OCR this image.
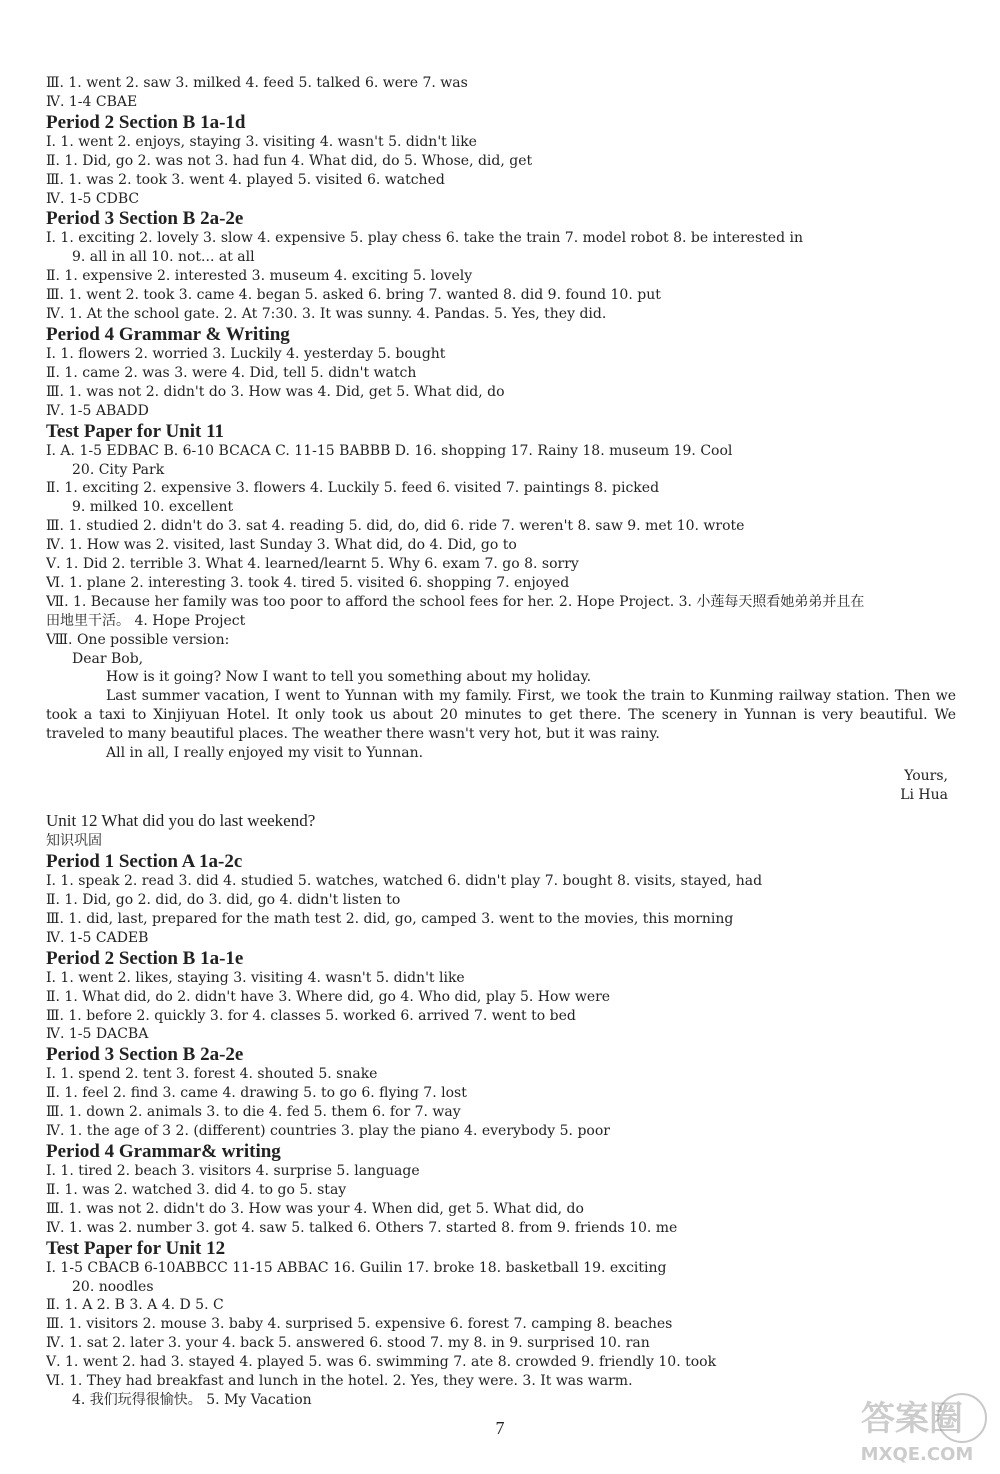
Ⅲ. 1. went 2. saw 3. milked 4. feed 5. talked 6. were 7. was
Ⅳ. 1-4 CBAE
Period 2 Section B 1a-1d
Ⅰ. 1. went 2. enjoys, staying 3. visiting 4. wasn't 5. didn't like
Ⅱ. 1. Did, go 2. was not 3. had fun 4. What did, do 5. Whose, did, get
Ⅲ. 1. was 2. took 3. went 4. played 5. visited 6. watched
Ⅳ. 1-5 CDBC
Period 3 Section B 2a-2e
Ⅰ. 1. exciting 2. lovely 3. slow 4. expensive 5. play chess 6. take the train 7. model robot 8. be interested in
9. all in all 10. not... at all
Ⅱ. 1. expensive 2. interested 3. museum 4. exciting 5. lovely
Ⅲ. 1. went 2. took 3. came 4. began 5. asked 6. bring 7. wanted 8. did 9. found 10. put
Ⅳ. 1. At the school gate. 2. At 7:30. 3. It was sunny. 4. Pandas. 5. Yes, they did.
Period 4 Grammar & Writing
Ⅰ. 1. flowers 2. worried 3. Luckily 4. yesterday 5. bought
Ⅱ. 1. came 2. was 3. were 4. Did, tell 5. didn't watch
Ⅲ. 1. was not 2. didn't do 3. How was 4. Did, get 5. What did, do
Ⅳ. 1-5 ABADD
Test Paper for Unit 11
Ⅰ. A. 1-5 EDBAC B. 6-10 BCACA C. 11-15 BABBB D. 16. shopping 17. Rainy 18. museum 19. Cool
20. City Park
Ⅱ. 1. exciting 2. expensive 3. flowers 4. Luckily 5. feed 6. visited 7. paintings 8. picked
9. milked 10. excellent
Ⅲ. 1. studied 2. didn't do 3. sat 4. reading 5. did, do, did 6. ride 7. weren't 8. saw 9. met 10. wrote
Ⅳ. 1. How was 2. visited, last Sunday 3. What did, do 4. Did, go to
Ⅴ. 1. Did 2. terrible 3. What 4. learned/learnt 5. Why 6. exam 7. go 8. sorry
Ⅵ. 1. plane 2. interesting 3. took 4. tired 5. visited 6. shopping 7. enjoyed
Ⅶ. 1. Because her family was too poor to afford the school fees for her. 2. Hope Project. 3. 小莲每天照看她弟弟并且在
田地里干活。 4. Hope Project
Ⅷ. One possible version:
Dear Bob,
How is it going? Now I want to tell you something about my holiday.
Last summer vacation, I went to Yunnan with my family. First, we took the train to Kunming railway station. Then we took a taxi to Xinjiyuan Hotel. It only took us about 20 minutes to get there. The scenery in Yunnan is very beautiful. We traveled to many beautiful places. The weather there wasn't very hot, but it was rainy.
All in all, I really enjoyed my visit to Yunnan.
Yours,
Li Hua
Unit 12 What did you do last weekend?
知识巩固
Period 1 Section A 1a-2c
Ⅰ. 1. speak 2. read 3. did 4. studied 5. watches, watched 6. didn't play 7. bought 8. visits, stayed, had
Ⅱ. 1. Did, go 2. did, do 3. did, go 4. didn't listen to
Ⅲ. 1. did, last, prepared for the math test 2. did, go, camped 3. went to the movies, this morning
Ⅳ. 1-5 CADEB
Period 2 Section B 1a-1e
Ⅰ. 1. went 2. likes, staying 3. visiting 4. wasn't 5. didn't like
Ⅱ. 1. What did, do 2. didn't have 3. Where did, go 4. Who did, play 5. How were
Ⅲ. 1. before 2. quickly 3. for 4. classes 5. worked 6. arrived 7. went to bed
Ⅳ. 1-5 DACBA
Period 3 Section B 2a-2e
Ⅰ. 1. spend 2. tent 3. forest 4. shouted 5. snake
Ⅱ. 1. feel 2. find 3. came 4. drawing 5. to go 6. flying 7. lost
Ⅲ. 1. down 2. animals 3. to die 4. fed 5. them 6. for 7. way
Ⅳ. 1. the age of 3 2. (different) countries 3. play the piano 4. everybody 5. poor
Period 4 Grammar& writing
Ⅰ. 1. tired 2. beach 3. visitors 4. surprise 5. language
Ⅱ. 1. was 2. watched 3. did 4. to go 5. stay
Ⅲ. 1. was not 2. didn't do 3. How was your 4. When did, get 5. What did, do
Ⅳ. 1. was 2. number 3. got 4. saw 5. talked 6. Others 7. started 8. from 9. friends 10. me
Test Paper for Unit 12
Ⅰ. 1-5 CBACB 6-10ABBCC 11-15 ABBAC 16. Guilin 17. broke 18. basketball 19. exciting
20. noodles
Ⅱ. 1. A 2. B 3. A 4. D 5. C
Ⅲ. 1. visitors 2. mouse 3. baby 4. surprised 5. expensive 6. forest 7. camping 8. beaches
Ⅳ. 1. sat 2. later 3. your 4. back 5. answered 6. stood 7. my 8. in 9. surprised 10. ran
Ⅴ. 1. went 2. had 3. stayed 4. played 5. was 6. swimming 7. ate 8. crowded 9. friendly 10. took
Ⅵ. 1. They had breakfast and lunch in the hotel. 2. Yes, they were. 3. It was warm.
4. 我们玩得很愉快。 5. My Vacation
7	答案圈
MXQE.COM
